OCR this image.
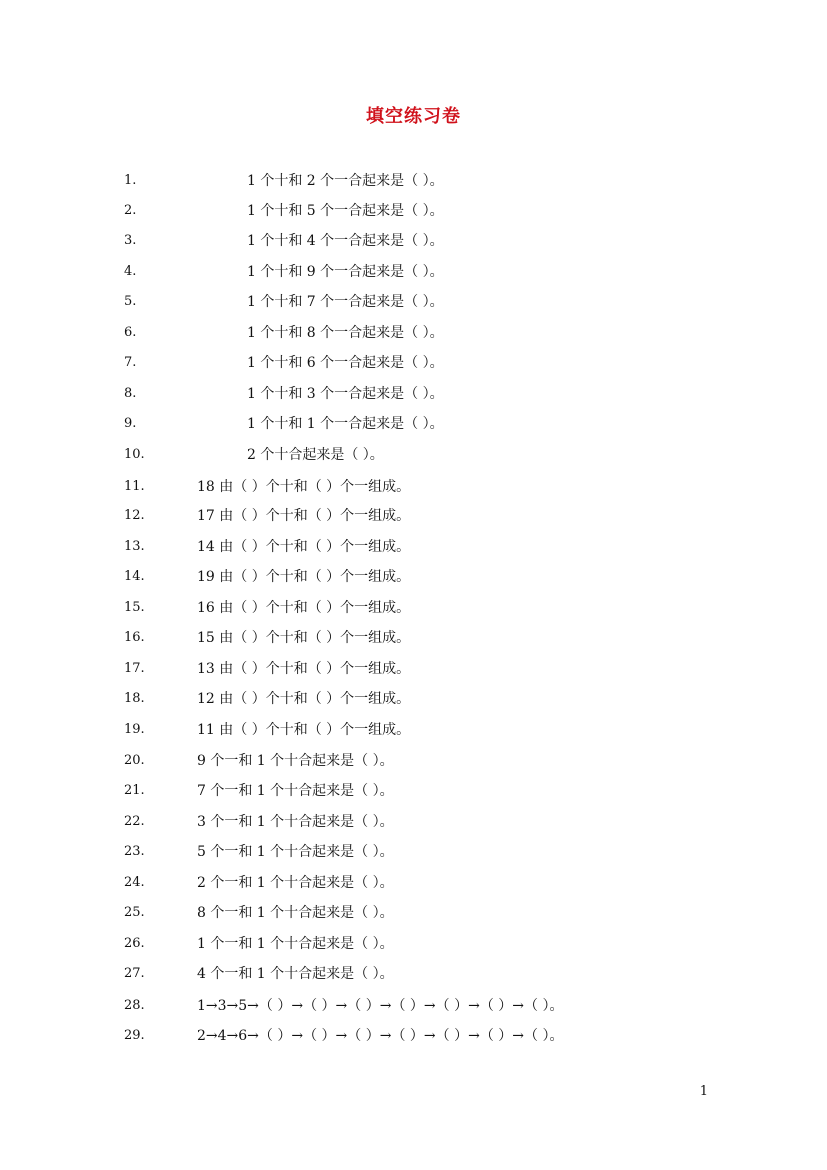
填空练习卷
1.	1 个十和 2 个一合起来是（ ）。
2.	1 个十和 5 个一合起来是（ ）。
3.	1 个十和 4 个一合起来是（ ）。
4.	1 个十和 9 个一合起来是（ ）。
5.	1 个十和 7 个一合起来是（ ）。
6.	1 个十和 8 个一合起来是（ ）。
7.	1 个十和 6 个一合起来是（ ）。
8.	1 个十和 3 个一合起来是（ ）。
9.	1 个十和 1 个一合起来是（ ）。
10.	2 个十合起来是（ ）。
11.	18 由（ ）个十和（ ）个一组成。
12.	17 由（ ）个十和（ ）个一组成。
13.	14 由（ ）个十和（ ）个一组成。
14.	19 由（ ）个十和（ ）个一组成。
15.	16 由（ ）个十和（ ）个一组成。
16.	15 由（ ）个十和（ ）个一组成。
17.	13 由（ ）个十和（ ）个一组成。
18.	12 由（ ）个十和（ ）个一组成。
19.	11 由（ ）个十和（ ）个一组成。
20.	9 个一和 1 个十合起来是（ ）。
21.	7 个一和 1 个十合起来是（ ）。
22.	3 个一和 1 个十合起来是（ ）。
23.	5 个一和 1 个十合起来是（ ）。
24.	2 个一和 1 个十合起来是（ ）。
25.	8 个一和 1 个十合起来是（ ）。
26.	1 个一和 1 个十合起来是（ ）。
27.	4 个一和 1 个十合起来是（ ）。
28.	1→3→5→（ ）→（ ）→（ ）→（ ）→（ ）→（ ）→（ ）。
29.	2→4→6→（ ）→（ ）→（ ）→（ ）→（ ）→（ ）→（ ）。
1
